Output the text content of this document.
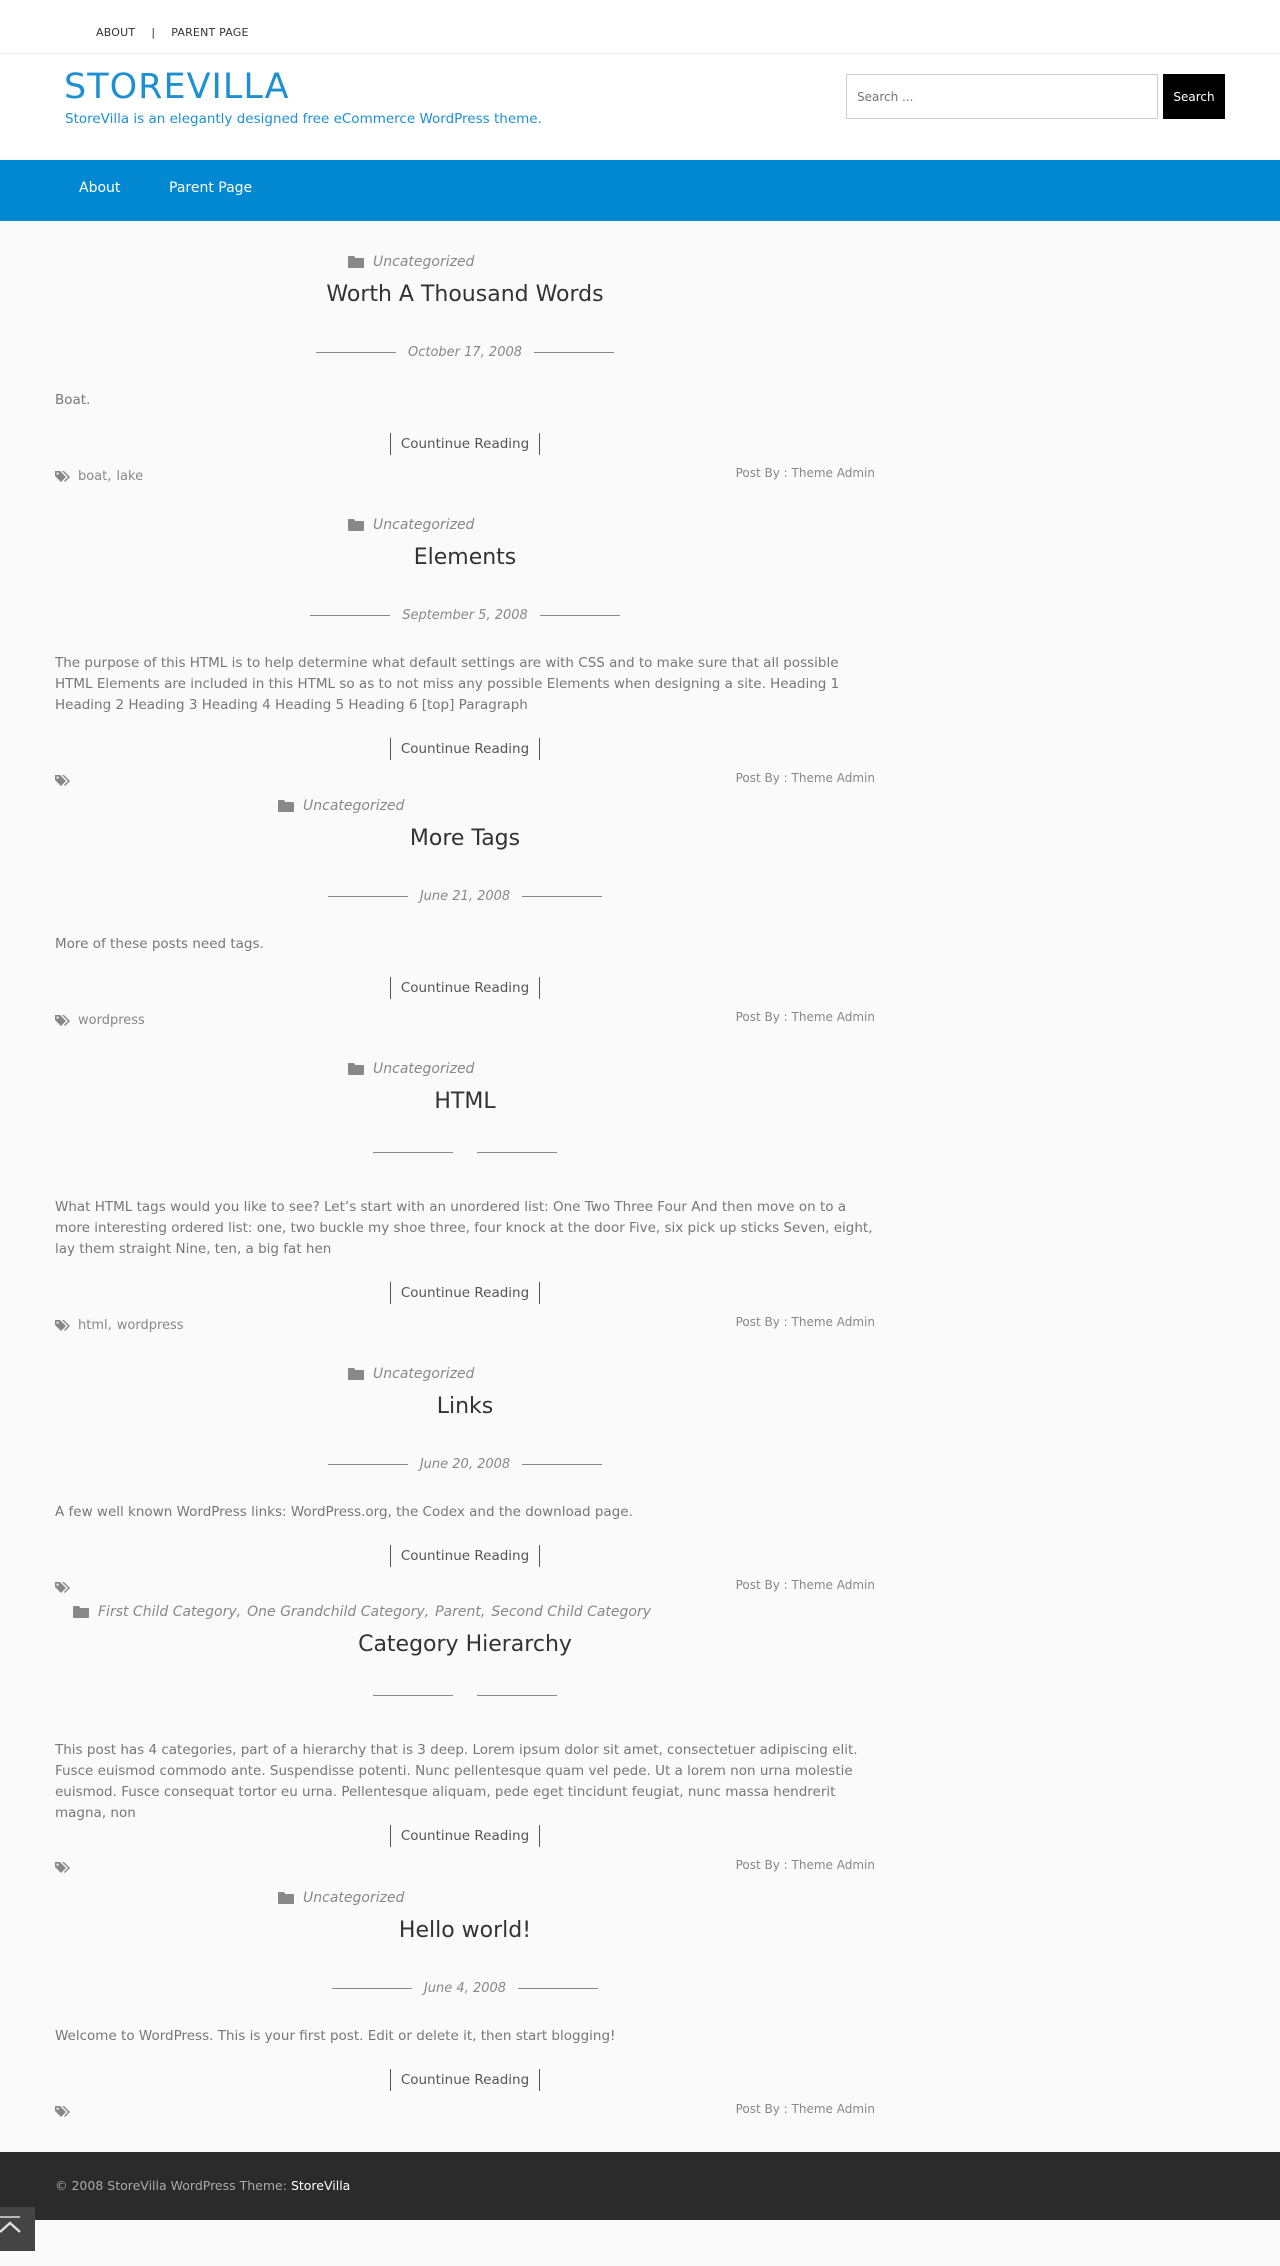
ABOUT | PARENT PAGE
STOREVILLA
StoreVilla is an elegantly designed free eCommerce WordPress theme.
Search ...
Search
About	Parent Page
Uncategorized
Worth A Thousand Words
October 17, 2008
Boat.
Countinue Reading
Post By : Theme Admin
boat , lake
Uncategorized
Elements
September 5, 2008
The purpose of this HTML is to help determine what default settings are with CSS and to make sure that all possible HTML Elements are included in this HTML so as to not miss any possible Elements when designing a site. Heading 1 Heading 2 Heading 3 Heading 4 Heading 5 Heading 6 [top] Paragraph
Countinue Reading
Post By : Theme Admin
Uncategorized
More Tags
June 21, 2008
More of these posts need tags.
Countinue Reading
Post By : Theme Admin
wordpress
Uncategorized
HTML
What HTML tags would you like to see? Let’s start with an unordered list: One Two Three Four And then move on to a more interesting ordered list: one, two buckle my shoe three, four knock at the door Five, six pick up sticks Seven, eight, lay them straight Nine, ten, a big fat hen
Countinue Reading
Post By : Theme Admin
html , wordpress
Uncategorized
Links
June 20, 2008
A few well known WordPress links: WordPress.org, the Codex and the download page.
Countinue Reading
Post By : Theme Admin
First Child Category , One Grandchild Category , Parent , Second Child Category
Category Hierarchy
This post has 4 categories, part of a hierarchy that is 3 deep. Lorem ipsum dolor sit amet, consectetuer adipiscing elit. Fusce euismod commodo ante. Suspendisse potenti. Nunc pellentesque quam vel pede. Ut a lorem non urna molestie euismod. Fusce consequat tortor eu urna. Pellentesque aliquam, pede eget tincidunt feugiat, nunc massa hendrerit magna, non
Countinue Reading
Post By : Theme Admin
Uncategorized
Hello world!
June 4, 2008
Welcome to WordPress. This is your first post. Edit or delete it, then start blogging!
Countinue Reading
Post By : Theme Admin
© 2008 StoreVilla WordPress Theme: StoreVilla
